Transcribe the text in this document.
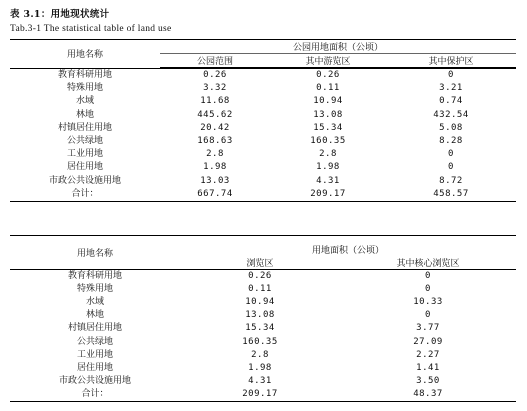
表 3.1：用地现状统计
Tab.3-1 The statistical table of land use
用地名称	公园用地面积（公顷）		
	公园范围	其中游览区	其中保护区

教育科研用地	0.26	0.26	0
特殊用地	3.32	0.11	3.21
水域	11.68	10.94	0.74
林地	445.62	13.08	432.54
村镇居住用地	20.42	15.34	5.08
公共绿地	168.63	160.35	8.28
工业用地	2.8	2.8	0
居住用地	1.98	1.98	0
市政公共设施用地	13.03	4.31	8.72
合计：	667.74	209.17	458.57
用地名称	用地面积（公顷）	
	浏览区	其中核心浏览区

教育科研用地	0.26	0
特殊用地	0.11	0
水域	10.94	10.33
林地	13.08	0
村镇居住用地	15.34	3.77
公共绿地	160.35	27.09
工业用地	2.8	2.27
居住用地	1.98	1.41
市政公共设施用地	4.31	3.50
合计：	209.17	48.37
